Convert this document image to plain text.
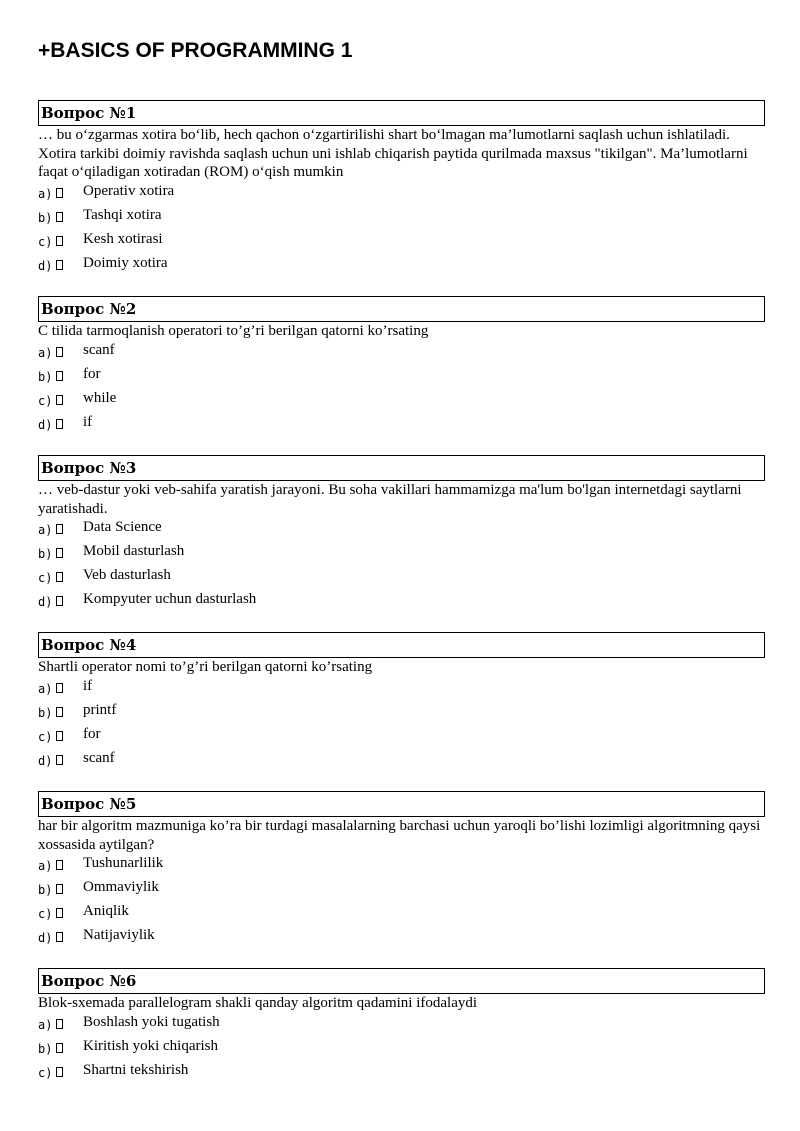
+BASICS OF PROGRAMMING 1
Вопрос №1

… bu o‘zgarmas xotira bo‘lib, hech qachon o‘zgartirilishi shart bo‘lmagan ma’lumotlarni saqlash uchun ishlatiladi. Xotira tarkibi doimiy ravishda saqlash uchun uni ishlab chiqarish paytida qurilmada maxsus "tikilgan". Ma’lumotlarni faqat o‘qiladigan xotiradan (ROM) o‘qish mumkin

a) Operativ xotira
b) Tashqi xotira
c) Kesh xotirasi
d) Doimiy xotira
Вопрос №2

C tilida tarmoqlanish operatori to’g’ri berilgan qatorni ko’rsating

a) scanf
b) for
c) while
d) if
Вопрос №3

… veb-dastur yoki veb-sahifa yaratish jarayoni. Bu soha vakillari hammamizga ma'lum bo'lgan internetdagi saytlarni yaratishadi.

a) Data Science
b) Mobil dasturlash
c) Veb dasturlash
d) Kompyuter uchun dasturlash
Вопрос №4

Shartli operator nomi to’g’ri berilgan qatorni ko’rsating

a) if
b) printf
c) for
d) scanf
Вопрос №5

har bir algoritm mazmuniga ko’ra bir turdagi masalalarning barchasi uchun yaroqli bo’lishi lozimligi algoritmning qaysi xossasida aytilgan?

a) Tushunarlilik
b) Ommaviylik
c) Aniqlik
d) Natijaviylik
Вопрос №6

Blok-sxemada parallelogram shakli qanday algoritm qadamini ifodalaydi

a) Boshlash yoki tugatish
b) Kiritish yoki chiqarish
c) Shartni tekshirish
